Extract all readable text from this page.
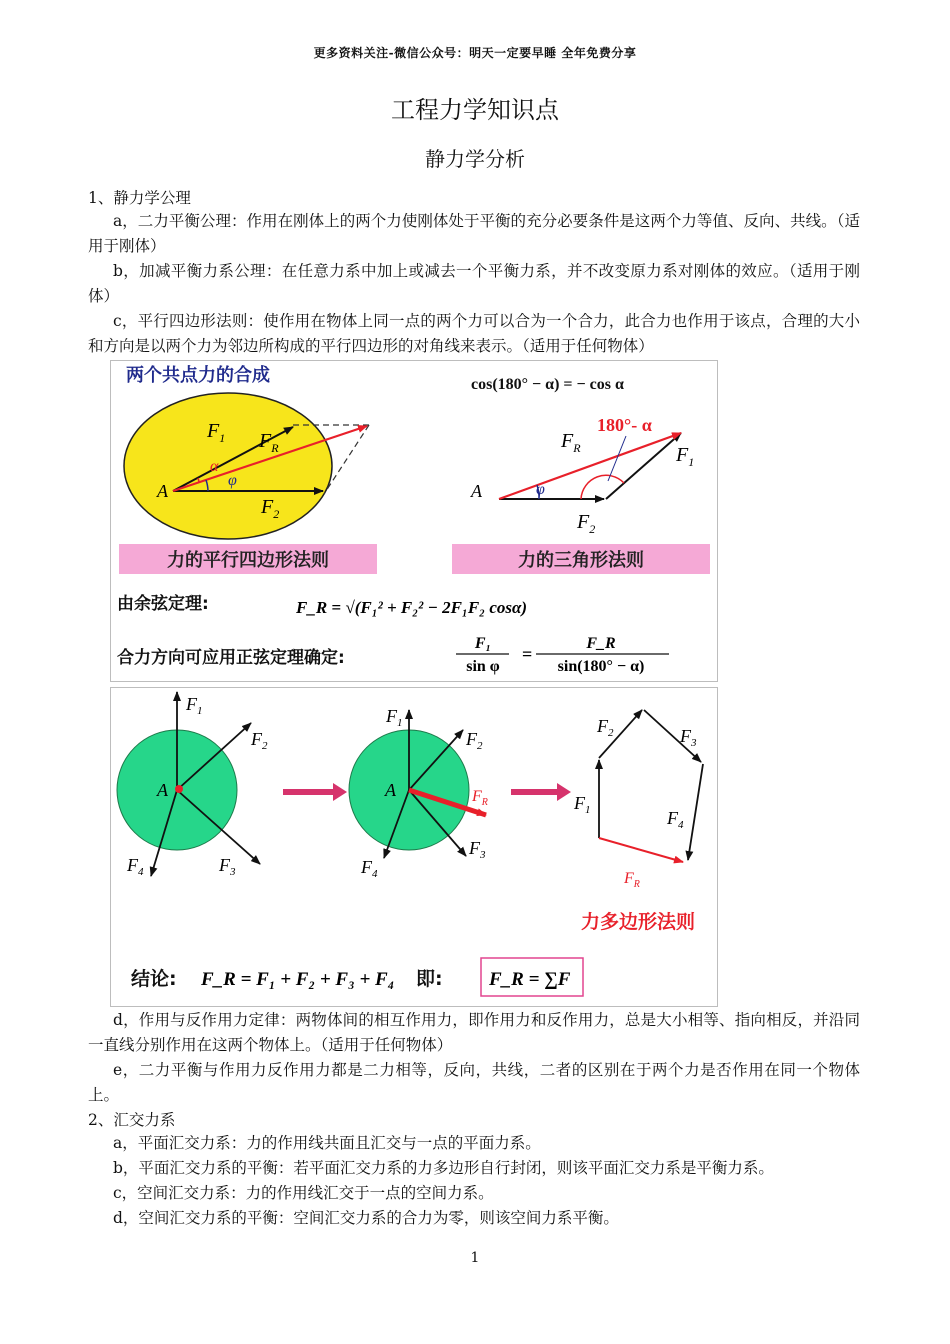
更多资料关注-微信公众号：明天一定要早睡 全年免费分享
工程力学知识点
静力学分析
1、静力学公理
a，二力平衡公理：作用在刚体上的两个力使刚体处于平衡的充分必要条件是这两个力等值、反向、共线。（适用于刚体）
b，加减平衡力系公理：在任意力系中加上或减去一个平衡力系，并不改变原力系对刚体的效应。（适用于刚体）
c，平行四边形法则：使作用在物体上同一点的两个力可以合为一个合力，此合力也作用于该点，合理的大小和方向是以两个力为邻边所构成的平行四边形的对角线来表示。（适用于任何物体）
两个共点力的合成	cos(180° − α) = − cos α
A
$F_1$ $F_R$
$F_2$
α
φ
180°- α
A
$F_R$	$F_1$
$F_2$
φ
力的平行四边形法则	力的三角形法则
由余弦定理:	F_R = √(F₁² + F₂² − 2F₁F₂ cosα)
合力方向可应用正弦定理确定:
F₁
sin φ
=
F_R
sin(180° − α)
A
$F_1$
$F_2$
$F_3$
$F_4$
A
$F_1$
$F_2$
$F_R$
$F_3$
$F_4$
$F_2$	$F_3$
$F_1$	$F_4$
$F_R$
力多边形法则
结论: F_R = F₁ + F₂ + F₃ + F₄ 即: F_R = ∑F
d，作用与反作用力定律：两物体间的相互作用力，即作用力和反作用力，总是大小相等、指向相反，并沿同一直线分别作用在这两个物体上。（适用于任何物体）
e，二力平衡与作用力反作用力都是二力相等，反向，共线，二者的区别在于两个力是否作用在同一个物体上。
2、汇交力系
a，平面汇交力系：力的作用线共面且汇交与一点的平面力系。
b，平面汇交力系的平衡：若平面汇交力系的力多边形自行封闭，则该平面汇交力系是平衡力系。
c，空间汇交力系：力的作用线汇交于一点的空间力系。
d，空间汇交力系的平衡：空间汇交力系的合力为零，则该空间力系平衡。
1
